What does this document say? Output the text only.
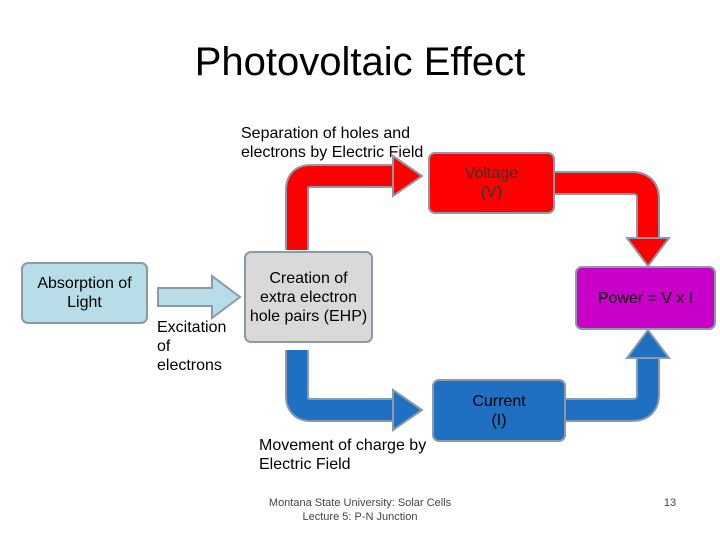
Photovoltaic Effect
Separation of holes and electrons by Electric Field
Excitation of electrons
Movement of charge by Electric Field
Voltage (V)
Absorption of Light
Creation of extra electron hole pairs (EHP)
Power = V x I
Current (I)
Montana State University: Solar Cells
Lecture 5: P-N Junction
13
